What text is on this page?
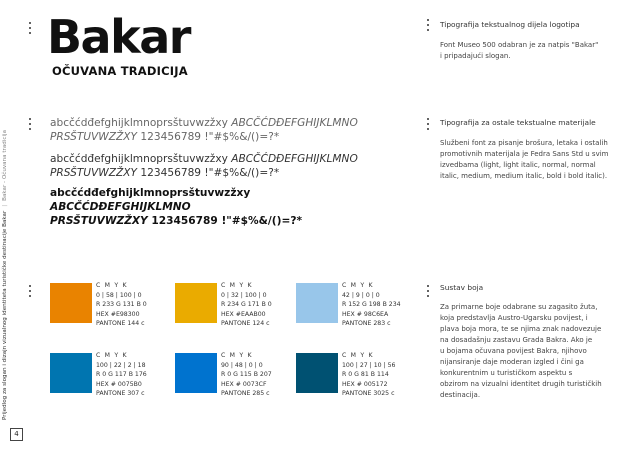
Prijedlog za slogan i dizajn vizualnog identiteta turističke destinacije Bakar|Bakar - Očuvana tradicija
4
Bakar
OČUVANA TRADICIJA
Tipografija tekstualnog dijela logotipa
Font Museo 500 odabran je za natpis "Bakar"
i pripadajući slogan.
Tipografija za ostale tekstualne materijale
Službeni font za pisanje brošura, letaka i ostalih
promotivnih materijala je Fedra Sans Std u svim
izvedbama (light, light italic, normal, normal
italic, medium, medium italic, bold i bold italic).
Sustav boja
Za primarne boje odabrane su zagasito žuta,
koja predstavlja Austro-Ugarsku povijest, i
plava boja mora, te se njima znak nadovezuje
na dosadašnju zastavu Grada Bakra. Ako je
u bojama očuvana povijest Bakra, njihovo
nijansiranje daje moderan izgled i čini ga
konkurentnim u turističkom aspektu s
obzirom na vizualni identitet drugih turističkih
destinacija.
abcčćdđefghijklmnoprsštuvwzžxy ABCČĆDĐEFGHIJKLMNO
PRSŠTUVWZŽXY 123456789 !"#$%&/()=?*
abcčćdđefghijklmnoprsštuvwzžxy ABCČĆDĐEFGHIJKLMNO
PRSŠTUVWZŽXY 123456789 !"#$%&/()=?*
abcčćdđefghijklmnoprsštuvwzžxy ABCČĆDĐEFGHIJKLMNO
PRSŠTUVWZŽXY 123456789 !"#$%&/()=?*
C M Y K
0 | 58 | 100 | 0
R 233 G 131 B 0
HEX #E98300
PANTONE 144 c
C M Y K
0 | 32 | 100 | 0
R 234 G 171 B 0
HEX #EAAB00
PANTONE 124 c
C M Y K
42 | 9 | 0 | 0
R 152 G 198 B 234
HEX # 98C6EA
PANTONE 283 c
C M Y K
100 | 22 | 2 | 18
R 0 G 117 B 176
HEX # 0075B0
PANTONE 307 c
C M Y K
90 | 48 | 0 | 0
R 0 G 115 B 207
HEX # 0073CF
PANTONE 285 c
C M Y K
100 | 27 | 10 | 56
R 0 G 81 B 114
HEX # 005172
PANTONE 3025 c
